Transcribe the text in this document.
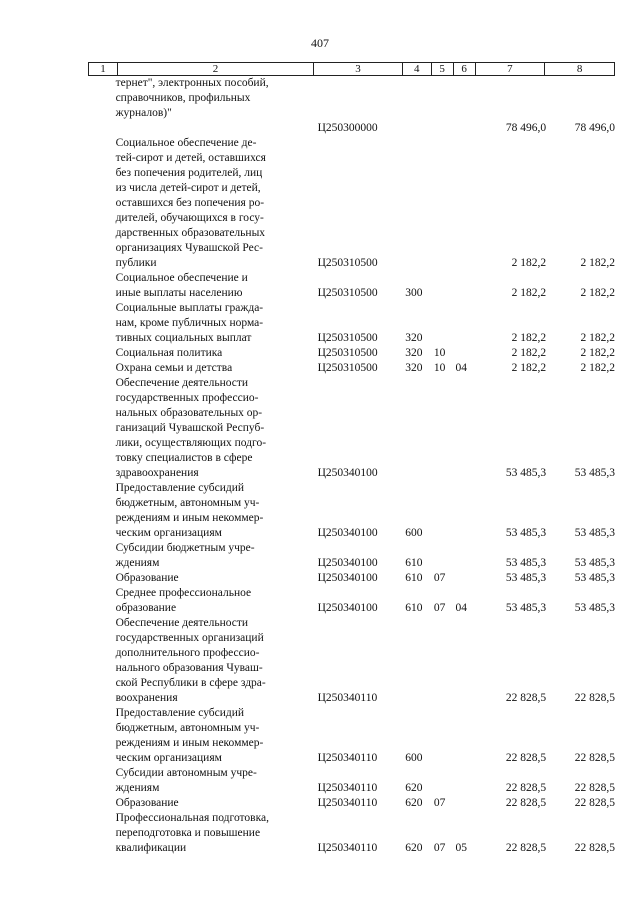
407
1	2	3	4	5	6	7	8
тернет", электронных пособий,
справочников, профильных
журналов)"
Ц250300000	78 496,0	78 496,0
Социальное обеспечение де-
тей-сирот и детей, оставшихся
без попечения родителей, лиц
из числа детей-сирот и детей,
оставшихся без попечения ро-
дителей, обучающихся в госу-
дарственных образовательных
организациях Чувашской Рес-
публики	Ц250310500	2 182,2	2 182,2
Социальное обеспечение и
иные выплаты населению	Ц250310500	300	2 182,2	2 182,2
Социальные выплаты гражда-
нам, кроме публичных норма-
тивных социальных выплат	Ц250310500	320	2 182,2	2 182,2
Социальная политика	Ц250310500	320 10	2 182,2	2 182,2
Охрана семьи и детства	Ц250310500	320 10 04	2 182,2	2 182,2
Обеспечение деятельности
государственных профессио-
нальных образовательных ор-
ганизаций Чувашской Респуб-
лики, осуществляющих подго-
товку специалистов в сфере
здравоохранения	Ц250340100	53 485,3	53 485,3
Предоставление субсидий
бюджетным, автономным уч-
реждениям и иным некоммер-
ческим организациям	Ц250340100	600	53 485,3	53 485,3
Субсидии бюджетным учре-
ждениям	Ц250340100	610	53 485,3	53 485,3
Образование	Ц250340100	610 07	53 485,3	53 485,3
Среднее профессиональное
образование	Ц250340100	610 07 04	53 485,3	53 485,3
Обеспечение деятельности
государственных организаций
дополнительного профессио-
нального образования Чуваш-
ской Республики в сфере здра-
воохранения	Ц250340110	22 828,5	22 828,5
Предоставление субсидий
бюджетным, автономным уч-
реждениям и иным некоммер-
ческим организациям	Ц250340110	600	22 828,5	22 828,5
Субсидии автономным учре-
ждениям	Ц250340110	620	22 828,5	22 828,5
Образование	Ц250340110	620 07	22 828,5	22 828,5
Профессиональная подготовка,
переподготовка и повышение
квалификации	Ц250340110	620 07 05	22 828,5	22 828,5
